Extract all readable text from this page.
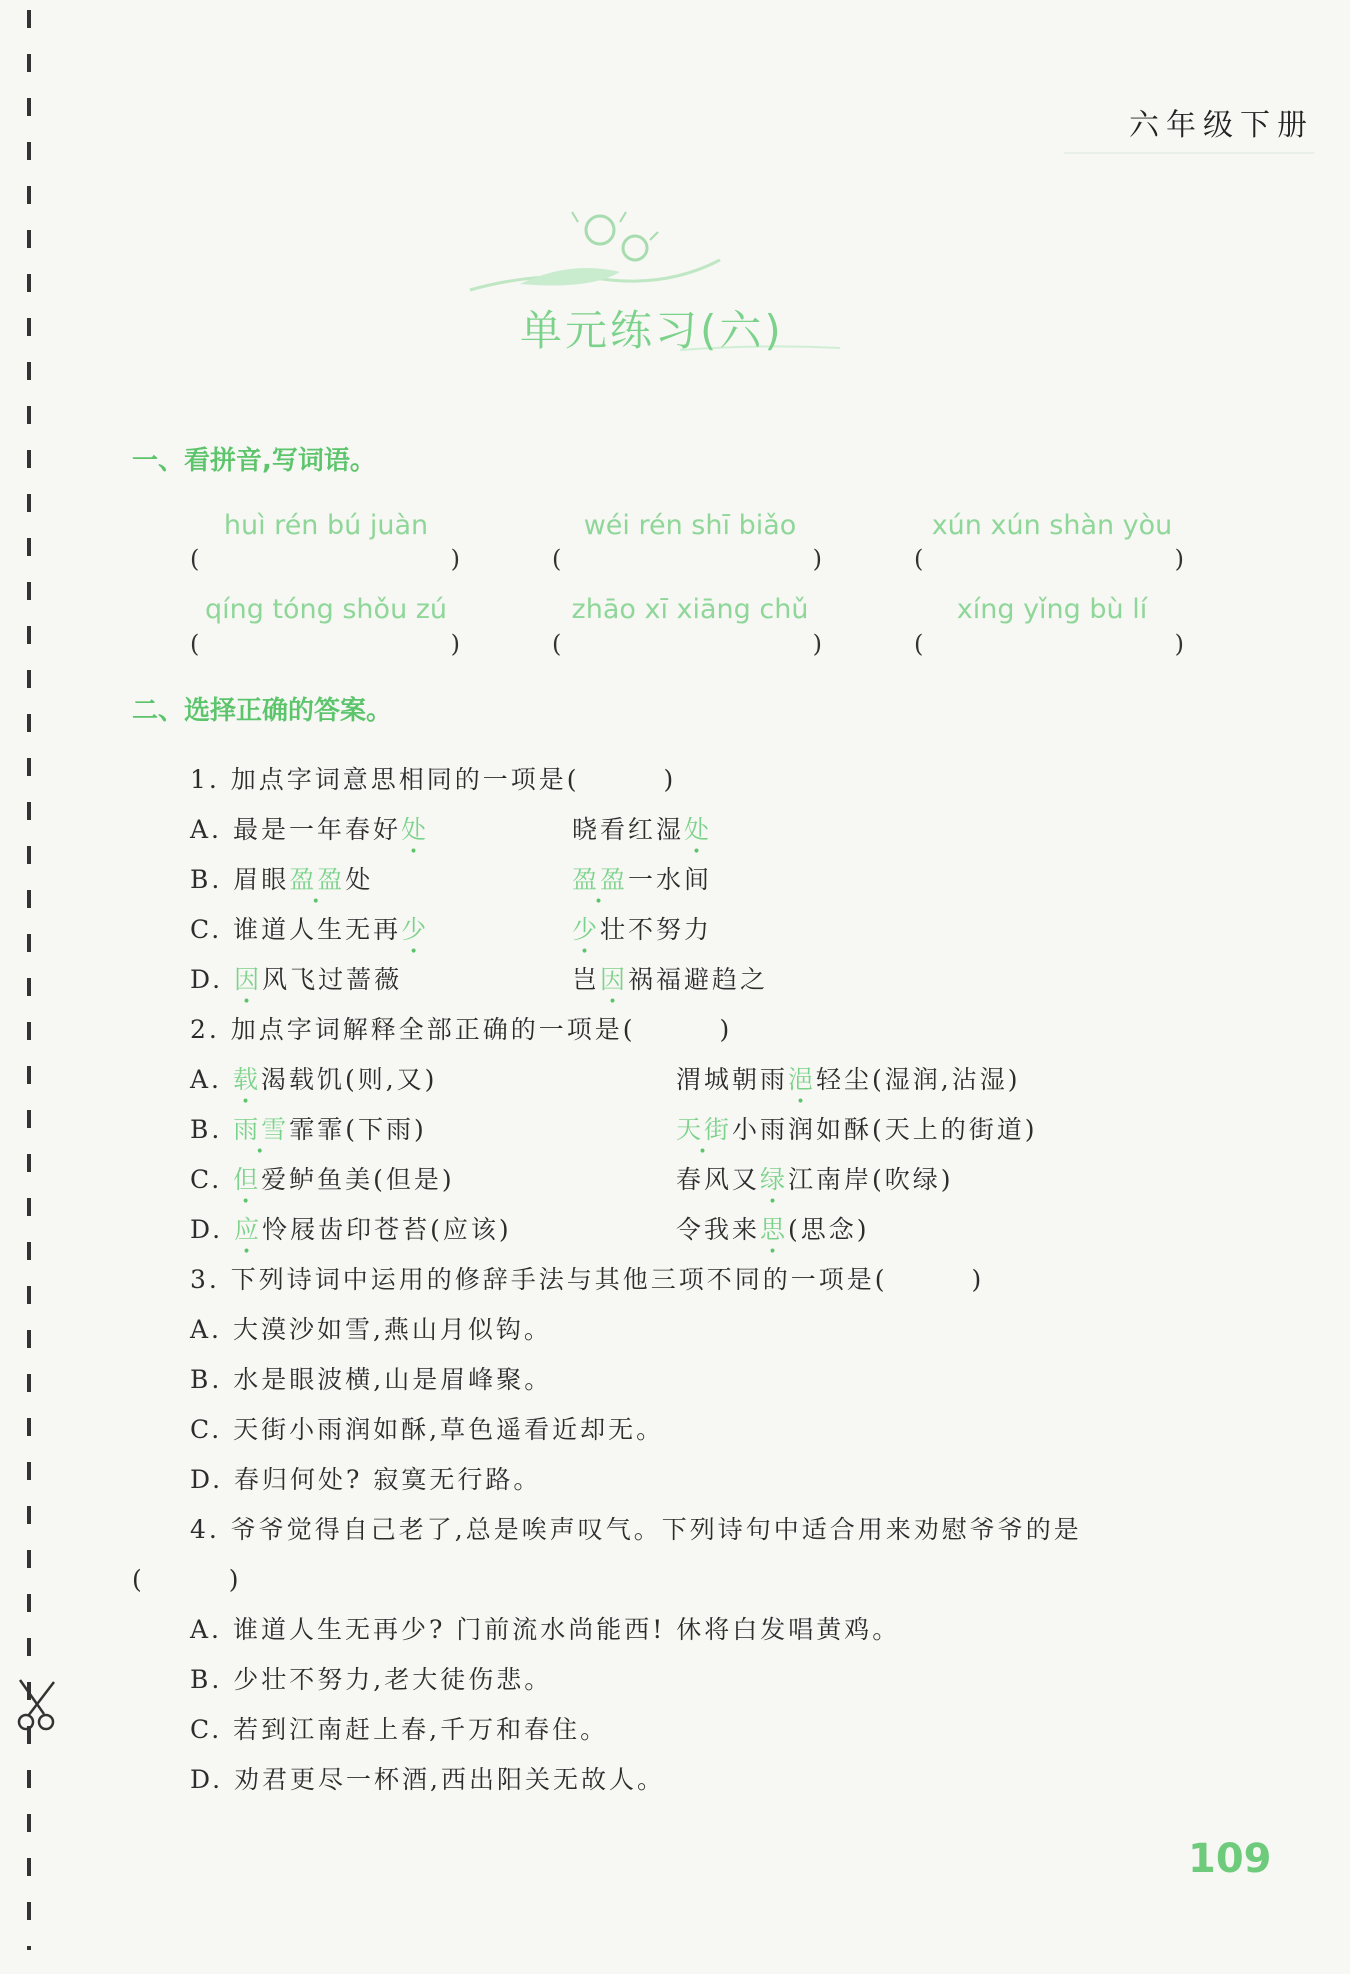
六年级下册
单元练习(六)
一、看拼音,写词语。
huì rén bú juàn	wéi rén shī biǎo	xún xún shàn yòu
(	)	(	)	(	)
qíng tóng shǒu zú	zhāo xī xiāng chǔ	xíng yǐng bù lí
(	)	(	)	(	)
二、选择正确的答案。
1. 加点字词意思相同的一项是(　　　)
A. 最是一年春好处	晓看红湿处
B. 眉眼盈盈处	盈盈一水间
C. 谁道人生无再少	少壮不努力
D. 因风飞过蔷薇	岂因祸福避趋之
2. 加点字词解释全部正确的一项是(　　　)
A. 载渴载饥(则,又)	渭城朝雨浥轻尘(湿润,沾湿)
B. 雨雪霏霏(下雨)	天街小雨润如酥(天上的街道)
C. 但爱鲈鱼美(但是)	春风又绿江南岸(吹绿)
D. 应怜屐齿印苍苔(应该)	令我来思(思念)
3. 下列诗词中运用的修辞手法与其他三项不同的一项是(　　　)
A. 大漠沙如雪,燕山月似钩。
B. 水是眼波横,山是眉峰聚。
C. 天街小雨润如酥,草色遥看近却无。
D. 春归何处? 寂寞无行路。
4. 爷爷觉得自己老了,总是唉声叹气。下列诗句中适合用来劝慰爷爷的是
(　　　)
A. 谁道人生无再少? 门前流水尚能西! 休将白发唱黄鸡。
B. 少壮不努力,老大徒伤悲。
C. 若到江南赶上春,千万和春住。
D. 劝君更尽一杯酒,西出阳关无故人。
109
